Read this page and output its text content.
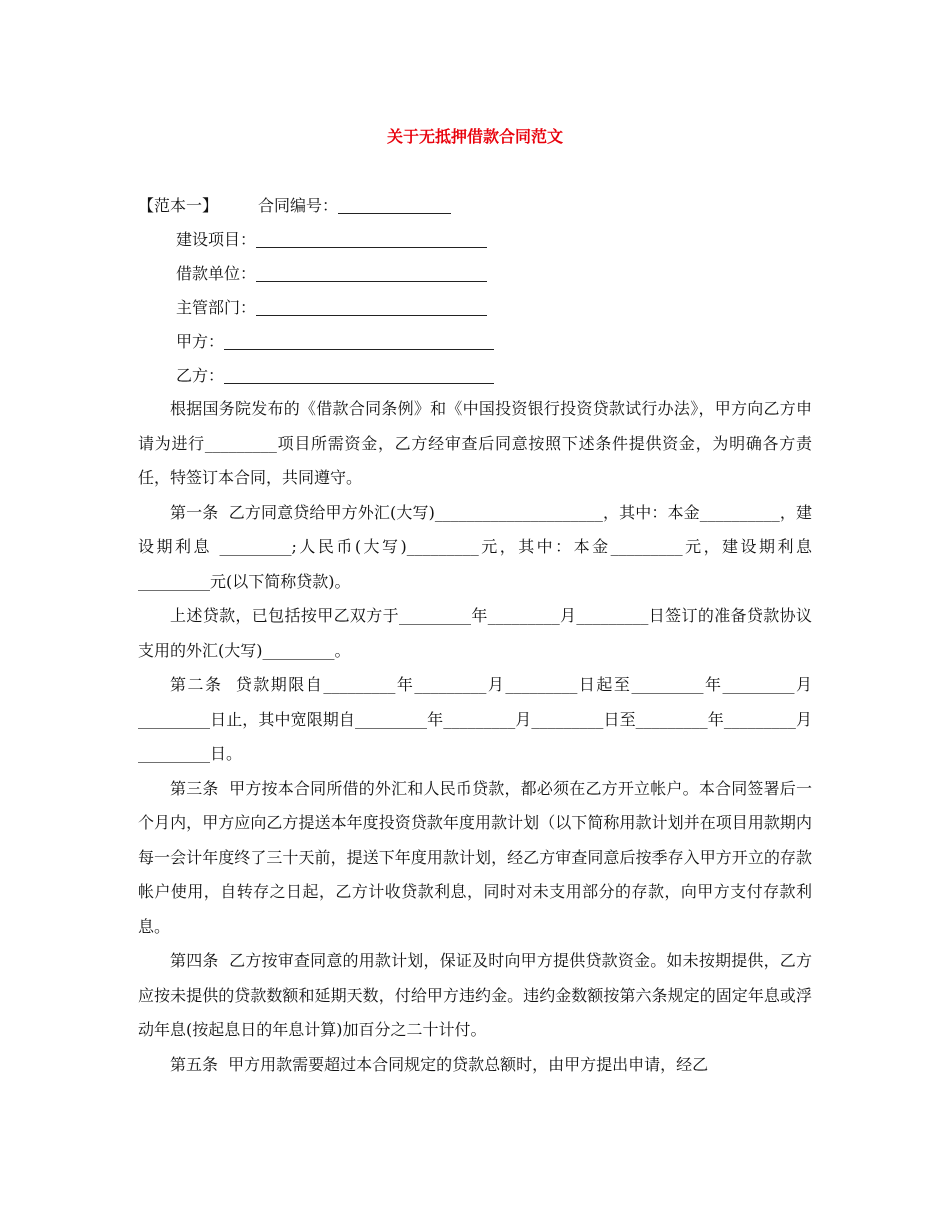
关于无抵押借款合同范文
【范本一】	合同编号：
建设项目：
借款单位：
主管部门：
甲方：
乙方：

根据国务院发布的《借款合同条例》和《中国投资银行投资贷款试行办法》，甲方向乙方申请为进行_________项目所需资金，乙方经审查后同意按照下述条件提供资金，为明确各方责任，特签订本合同，共同遵守。

第一条  乙方同意贷给甲方外汇(大写)_____________________，其中：本金__________，建设期利息 _________;人民币(大写)_________元，其中：本金_________元，建设期利息_________元(以下简称贷款)。

上述贷款，已包括按甲乙双方于_________年_________月_________日签订的准备贷款协议支用的外汇(大写)_________。

第二条  贷款期限自_________年_________月_________日起至_________年_________月 _________日止，其中宽限期自_________年_________月_________日至_________年_________月 _________日。

第三条  甲方按本合同所借的外汇和人民币贷款，都必须在乙方开立帐户。本合同签署后一个月内，甲方应向乙方提送本年度投资贷款年度用款计划（以下简称用款计划并在项目用款期内每一会计年度终了三十天前，提送下年度用款计划，经乙方审查同意后按季存入甲方开立的存款帐户使用，自转存之日起，乙方计收贷款利息，同时对未支用部分的存款，向甲方支付存款利息。

第四条  乙方按审查同意的用款计划，保证及时向甲方提供贷款资金。如未按期提供，乙方应按未提供的贷款数额和延期天数，付给甲方违约金。违约金数额按第六条规定的固定年息或浮动年息(按起息日的年息计算)加百分之二十计付。

第五条  甲方用款需要超过本合同规定的贷款总额时，由甲方提出申请，经乙
